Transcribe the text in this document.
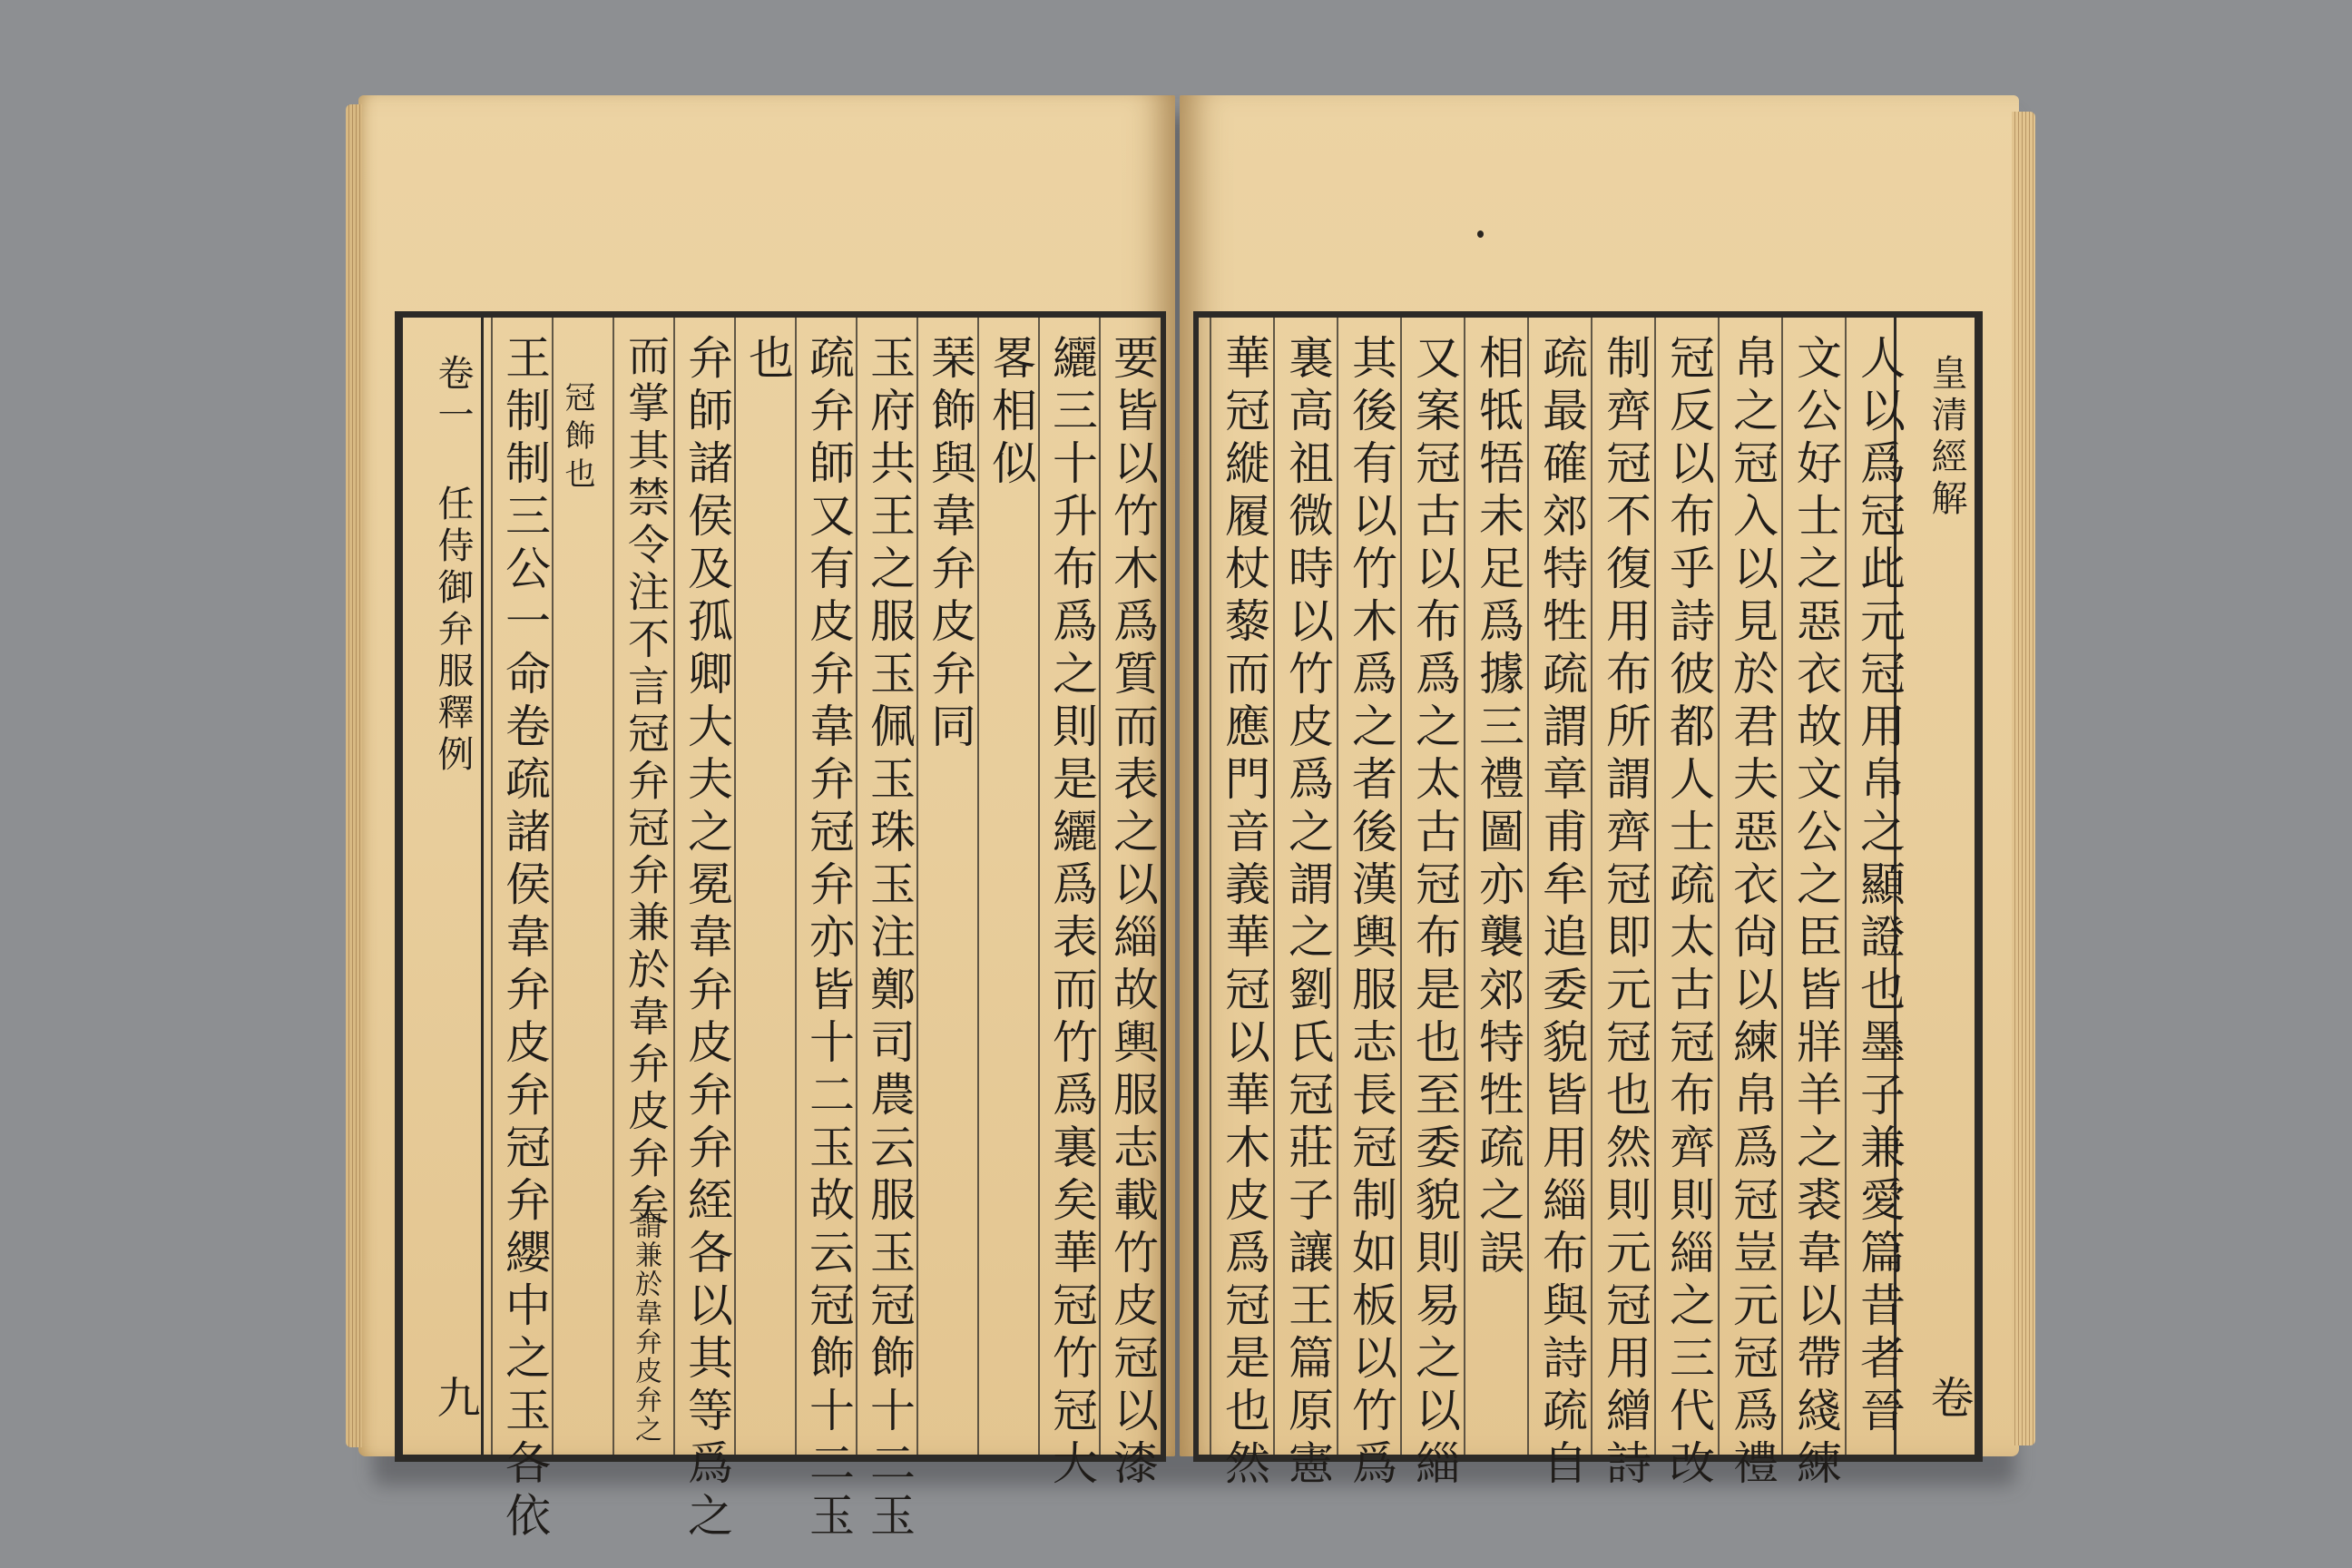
卷一 任侍御弁服釋例
九 王制制三公一命卷疏諸侯韋弁皮弁冠弁纓中之玉各依 冠飾也 而掌其禁令注不言冠弁冠弁兼於韋弁皮弁矣
謂兼於韋弁皮弁之 弁師諸侯及孤卿大夫之冕韋弁皮弁弁絰各以其等爲之 也 疏弁師又有皮弁韋弁冠弁亦皆十二玉故云冠飾十二玉 玉府共王之服玉佩玉珠玉注鄭司農云服玉冠飾十二玉 琹飾與韋弁皮弁同 畧相似 纚三十升布爲之則是纚爲表而竹爲裏矣華冠竹冠大 要皆以竹木爲質而表之以緇故輿服志載竹皮冠以漆	皇清經解
卷
華冠縰履杖藜而應門音義華冠以華木皮爲冠是也然 裏高祖微時以竹皮爲之謂之劉氏冠莊子讓王篇原憲 其後有以竹木爲之者後漢輿服志長冠制如板以竹爲 又案冠古以布爲之太古冠布是也至委貌則易之以緇 相牴牾未足爲據三禮圖亦襲郊特牲疏之誤 疏最確郊特牲疏謂章甫牟追委貌皆用緇布與詩疏自 制齊冠不復用布所謂齊冠即元冠也然則元冠用繒詩 冠反以布乎詩彼都人士疏太古冠布齊則緇之三代改 帛之冠入以見於君夫惡衣尙以練帛爲冠豈元冠爲禮 文公好士之惡衣故文公之臣皆牂羊之裘韋以帶綫練 人以爲冠此元冠用帛之顯證也墨子兼愛篇昔者晉
